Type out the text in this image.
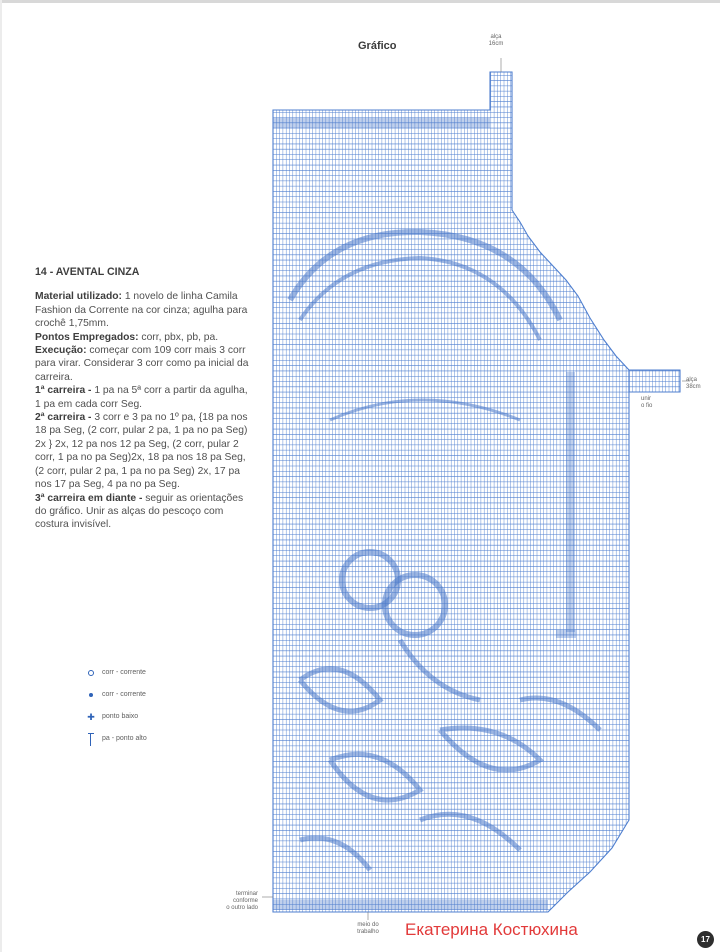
Gráfico
alça
16cm
alça
38cm
unir
o fio
terminar
conforme
o outro lado
meio do
trabalho
14 - AVENTAL CINZA

Material utilizado: 1 novelo de linha Camila Fashion da Corrente na cor cinza; agulha para crochê 1,75mm.

Pontos Empregados: corr, pbx, pb, pa.

Execução: começar com 109 corr mais 3 corr para virar. Considerar 3 corr como pa inicial da carreira.

1ª carreira - 1 pa na 5ª corr a partir da agulha, 1 pa em cada corr Seg.

2ª carreira - 3 corr e 3 pa no 1º pa, {18 pa nos 18 pa Seg, (2 corr, pular 2 pa, 1 pa no pa Seg) 2x } 2x, 12 pa nos 12 pa Seg, (2 corr, pular 2 corr, 1 pa no pa Seg)2x, 18 pa nos 18 pa Seg, (2 corr, pular 2 pa, 1 pa no pa Seg) 2x, 17 pa nos 17 pa Seg, 4 pa no pa Seg.

3ª carreira em diante - seguir as orientações do gráfico. Unir as alças do pescoço com costura invisível.

corr - corrente
corr - corrente
✚ ponto baixo
pa - ponto alto
Екатерина Костюхина
17
